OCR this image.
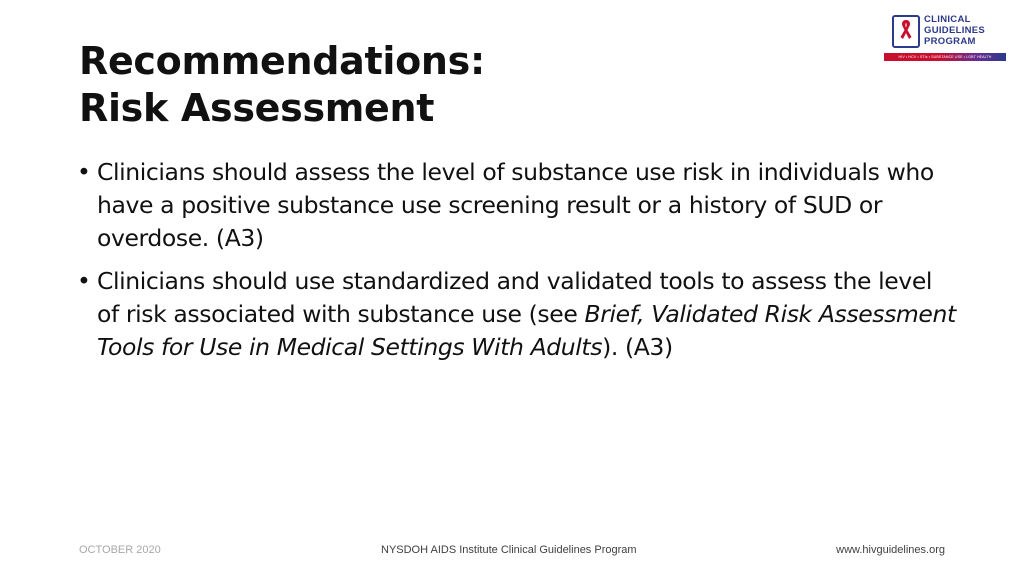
CLINICAL
GUIDELINES
PROGRAM
HIV • HCV • STIs • SUBSTANCE USE • LGBT HEALTH
Recommendations:
Risk Assessment
• Clinicians should assess the level of substance use risk in individuals who have a positive substance use screening result or a history of SUD or overdose. (A3)
• Clinicians should use standardized and validated tools to assess the level of risk associated with substance use (see Brief, Validated Risk Assessment Tools for Use in Medical Settings With Adults). (A3)
OCTOBER 2020	NYSDOH AIDS Institute Clinical Guidelines Program	www.hivguidelines.org
